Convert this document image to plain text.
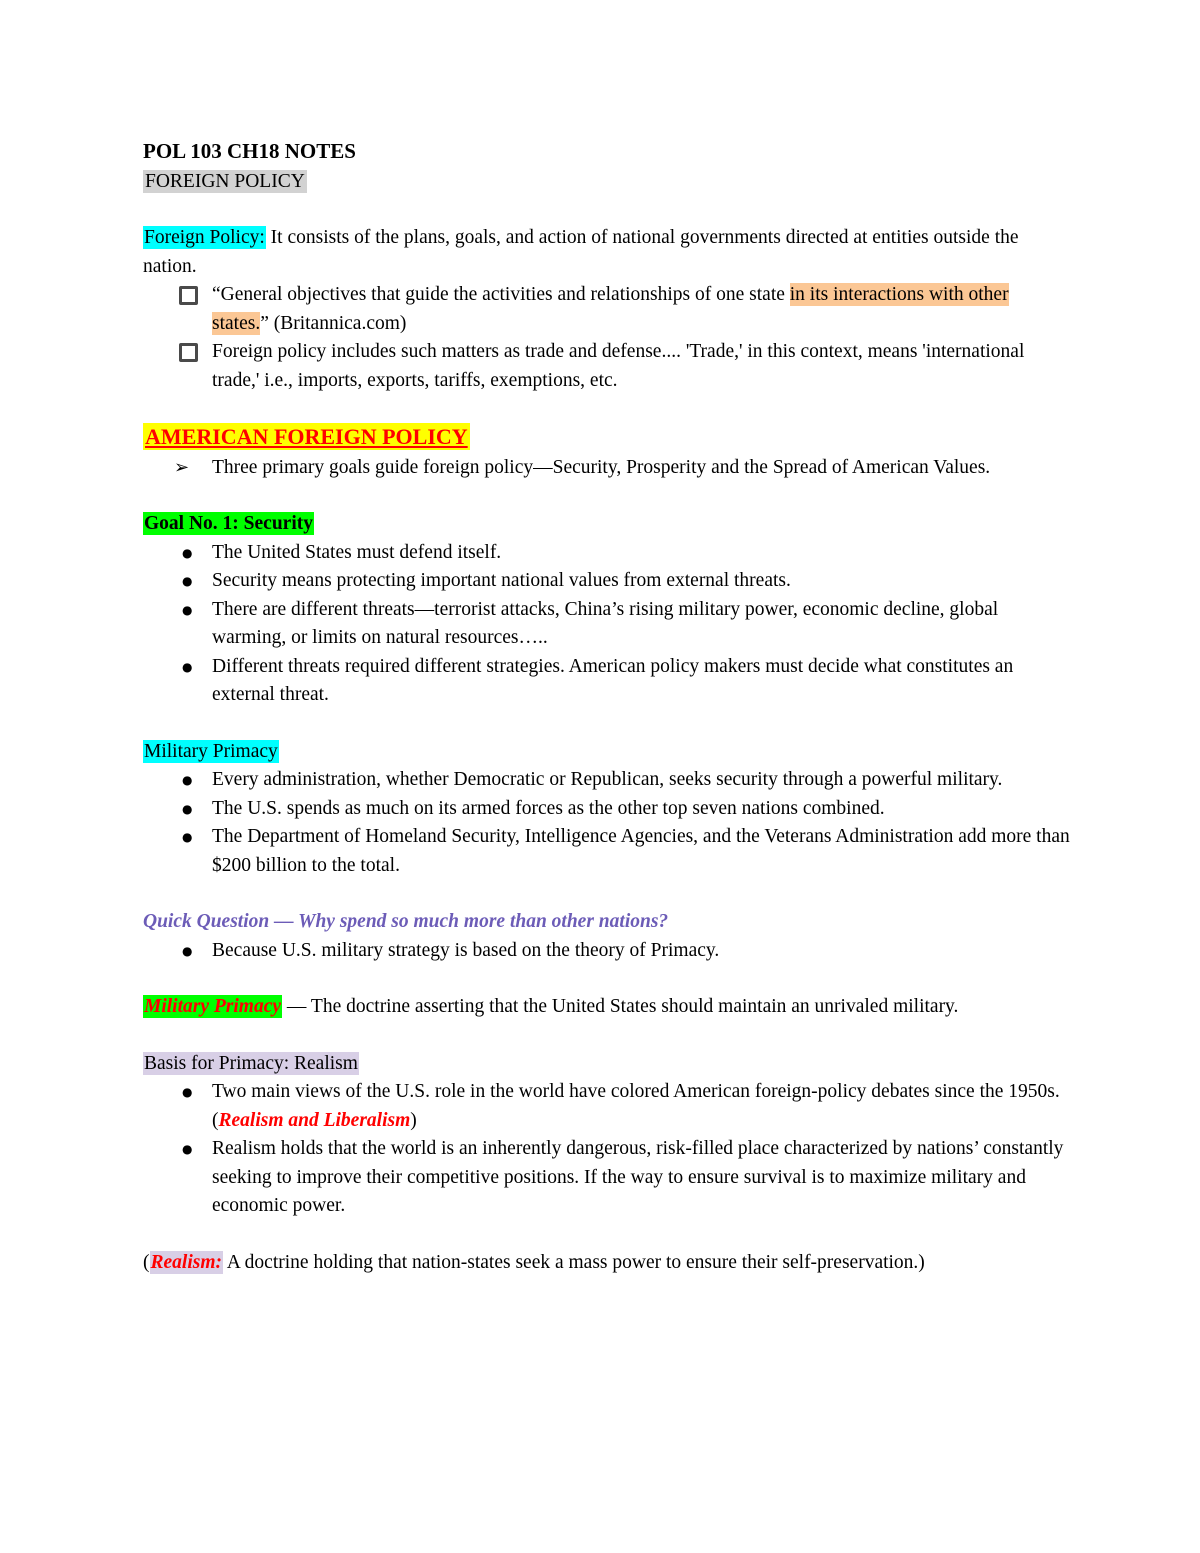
POL 103 CH18 NOTES
FOREIGN POLICY
Foreign Policy: It consists of the plans, goals, and action of national governments directed at entities outside the nation.
“General objectives that guide the activities and relationships of one state in its interactions with other states.” (Britannica.com)
Foreign policy includes such matters as trade and defense.... 'Trade,' in this context, means 'international trade,' i.e., imports, exports, tariffs, exemptions, etc.
AMERICAN FOREIGN POLICY
➢ Three primary goals guide foreign policy—Security, Prosperity and the Spread of American Values.
Goal No. 1: Security
● The United States must defend itself.
● Security means protecting important national values from external threats.
● There are different threats—terrorist attacks, China’s rising military power, economic decline, global warming, or limits on natural resources…..
● Different threats required different strategies. American policy makers must decide what constitutes an external threat.
Military Primacy
● Every administration, whether Democratic or Republican, seeks security through a powerful military.
● The U.S. spends as much on its armed forces as the other top seven nations combined.
● The Department of Homeland Security, Intelligence Agencies, and the Veterans Administration add more than $200 billion to the total.
Quick Question — Why spend so much more than other nations?
● Because U.S. military strategy is based on the theory of Primacy.
Military Primacy — The doctrine asserting that the United States should maintain an unrivaled military.
Basis for Primacy: Realism
● Two main views of the U.S. role in the world have colored American foreign-policy debates since the 1950s. (Realism and Liberalism)
● Realism holds that the world is an inherently dangerous, risk-filled place characterized by nations’ constantly seeking to improve their competitive positions. If the way to ensure survival is to maximize military and economic power.
(Realism: A doctrine holding that nation-states seek a mass power to ensure their self-preservation.)
